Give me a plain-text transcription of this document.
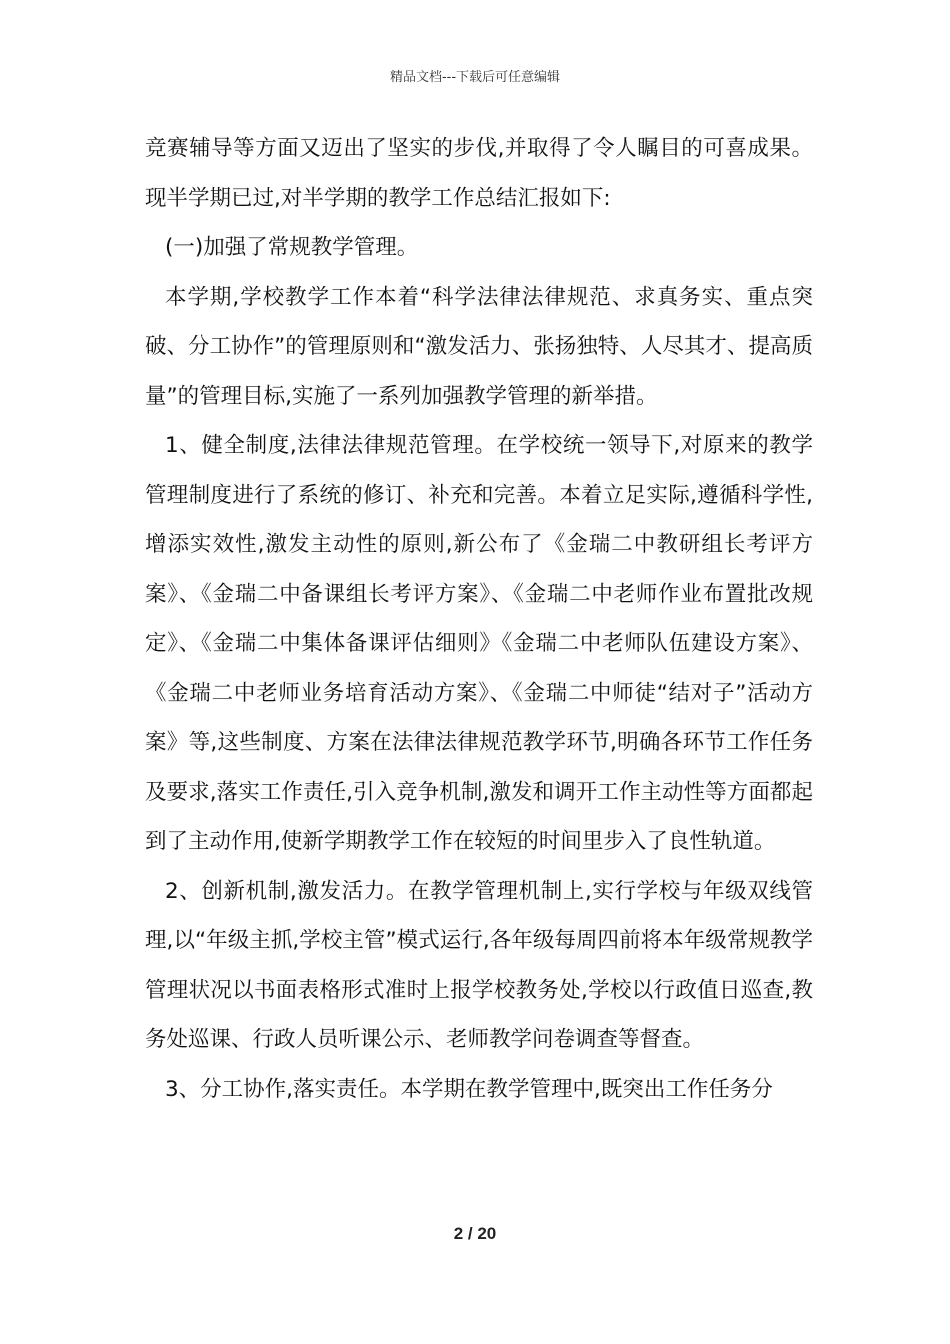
精品文档---下载后可任意编辑

竞赛辅导等方面又迈出了坚实的步伐,并取得了令人瞩目的可喜成果。现半学期已过,对半学期的教学工作总结汇报如下:

(一)加强了常规教学管理。

本学期,学校教学工作本着“科学法律法律规范、求真务实、重点突破、分工协作”的管理原则和“激发活力、张扬独特、人尽其才、提高质量”的管理目标,实施了一系列加强教学管理的新举措。

1、健全制度,法律法律规范管理。在学校统一领导下,对原来的教学管理制度进行了系统的修订、补充和完善。本着立足实际,遵循科学性,增添实效性,激发主动性的原则,新公布了《金瑞二中教研组长考评方案》、《金瑞二中备课组长考评方案》、《金瑞二中老师作业布置批改规定》、《金瑞二中集体备课评估细则》《金瑞二中老师队伍建设方案》、《金瑞二中老师业务培育活动方案》、《金瑞二中师徒“结对子”活动方案》等,这些制度、方案在法律法律规范教学环节,明确各环节工作任务及要求,落实工作责任,引入竞争机制,激发和调开工作主动性等方面都起到了主动作用,使新学期教学工作在较短的时间里步入了良性轨道。

2、创新机制,激发活力。在教学管理机制上,实行学校与年级双线管理,以“年级主抓,学校主管”模式运行,各年级每周四前将本年级常规教学管理状况以书面表格形式准时上报学校教务处,学校以行政值日巡查,教务处巡课、行政人员听课公示、老师教学问卷调查等督查。

3、分工协作,落实责任。本学期在教学管理中,既突出工作任务分

2 / 20
